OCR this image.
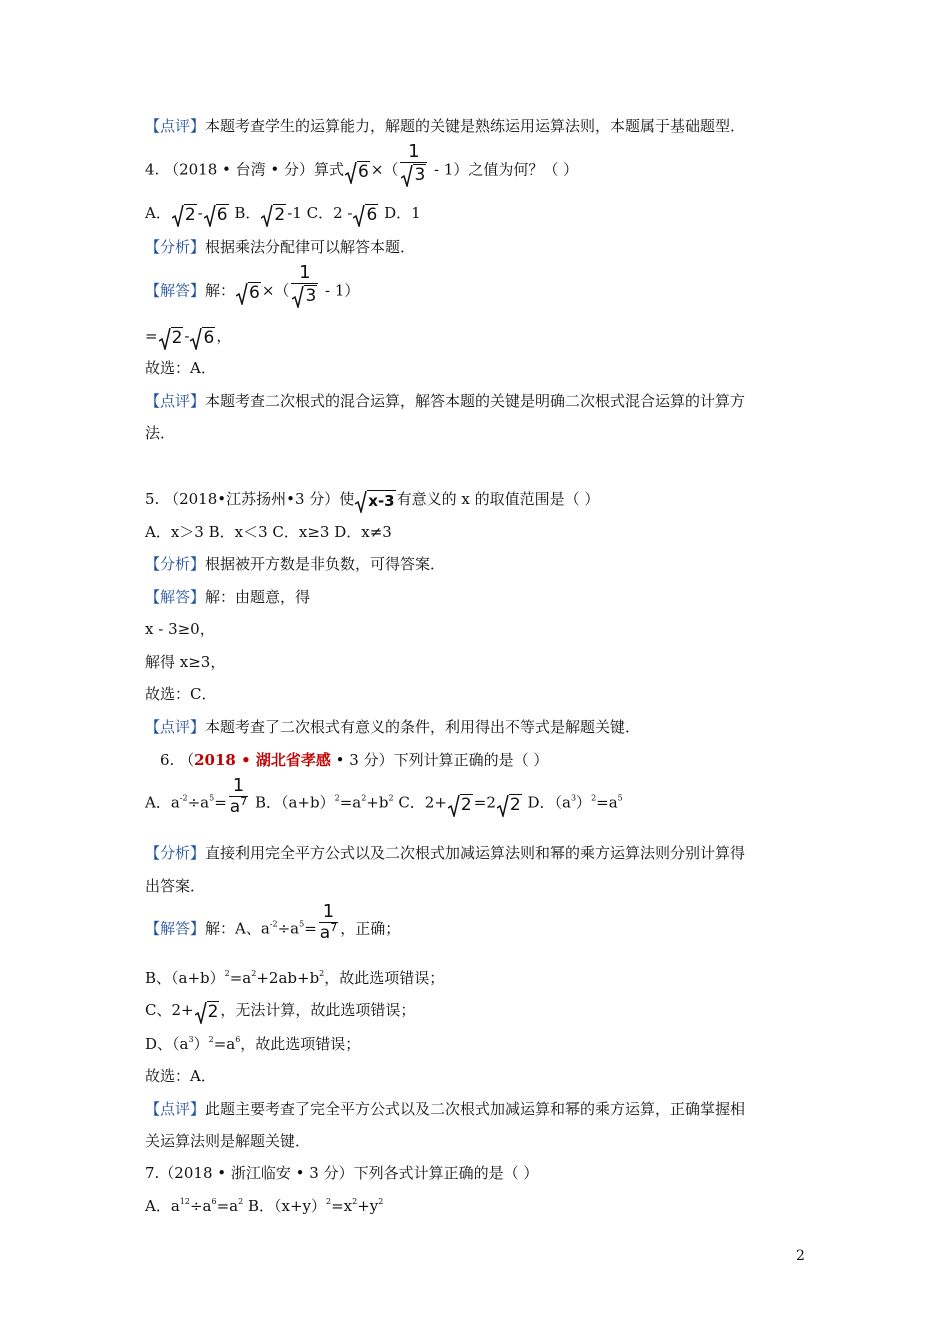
【点评】本题考查学生的运算能力，解题的关键是熟练运用运算法则，本题属于基础题型．
4. （2018 • 台湾 • 分）算式 6 ×（ $\frac{1}{3} - 1$）之值为何？（ ）
A． 2 - 6 B． 2 -1 C．2 - 6 D．1
【分析】根据乘法分配律可以解答本题．
【解答】解： 6 ×（ $\frac{1}{3} - 1$）
= 2 - 6 ，
故选：A．
【点评】本题考查二次根式的混合运算，解答本题的关键是明确二次根式混合运算的计算方
法．
5. （2018•江苏扬州•3 分）使 x-3 有意义的 x 的取值范围是（ ）
A．x＞3 B．x＜3 C．x≥3 D．x≠3
【分析】根据被开方数是非负数，可得答案．
【解答】解：由题意，得
x - 3≥0，
解得 x≥3，
故选：C．
【点评】本题考查了二次根式有意义的条件，利用得出不等式是解题关键．
6. （2018 • 湖北省孝感 • 3 分）下列计算正确的是（ ）
A．$a^{-2}\div a^5= \frac{1}{a^7}$ B．$(a+b)^2=a^2+b^2$ C．2+ 2 =2 2 D．$(a^3)^2=a^5$
【分析】直接利用完全平方公式以及二次根式加减运算法则和幂的乘方运算法则分别计算得
出答案．
【解答】解：A、$a^{-2}\div a^5= \frac{1}{a^7}$ ，正确；
B、$(a+b)^2=a^2+2ab+b^2$，故此选项错误；
C、2+ 2 ，无法计算，故此选项错误；
D、$(a^3)^2=a^6$，故此选项错误；
故选：A．
【点评】此题主要考查了完全平方公式以及二次根式加减运算和幂的乘方运算，正确掌握相
关运算法则是解题关键．
7.（2018 • 浙江临安 • 3 分）下列各式计算正确的是（ ）
A．$a^{12}\div a^6=a^2$ B．$(x+y)^2=x^2+y^2$
2
